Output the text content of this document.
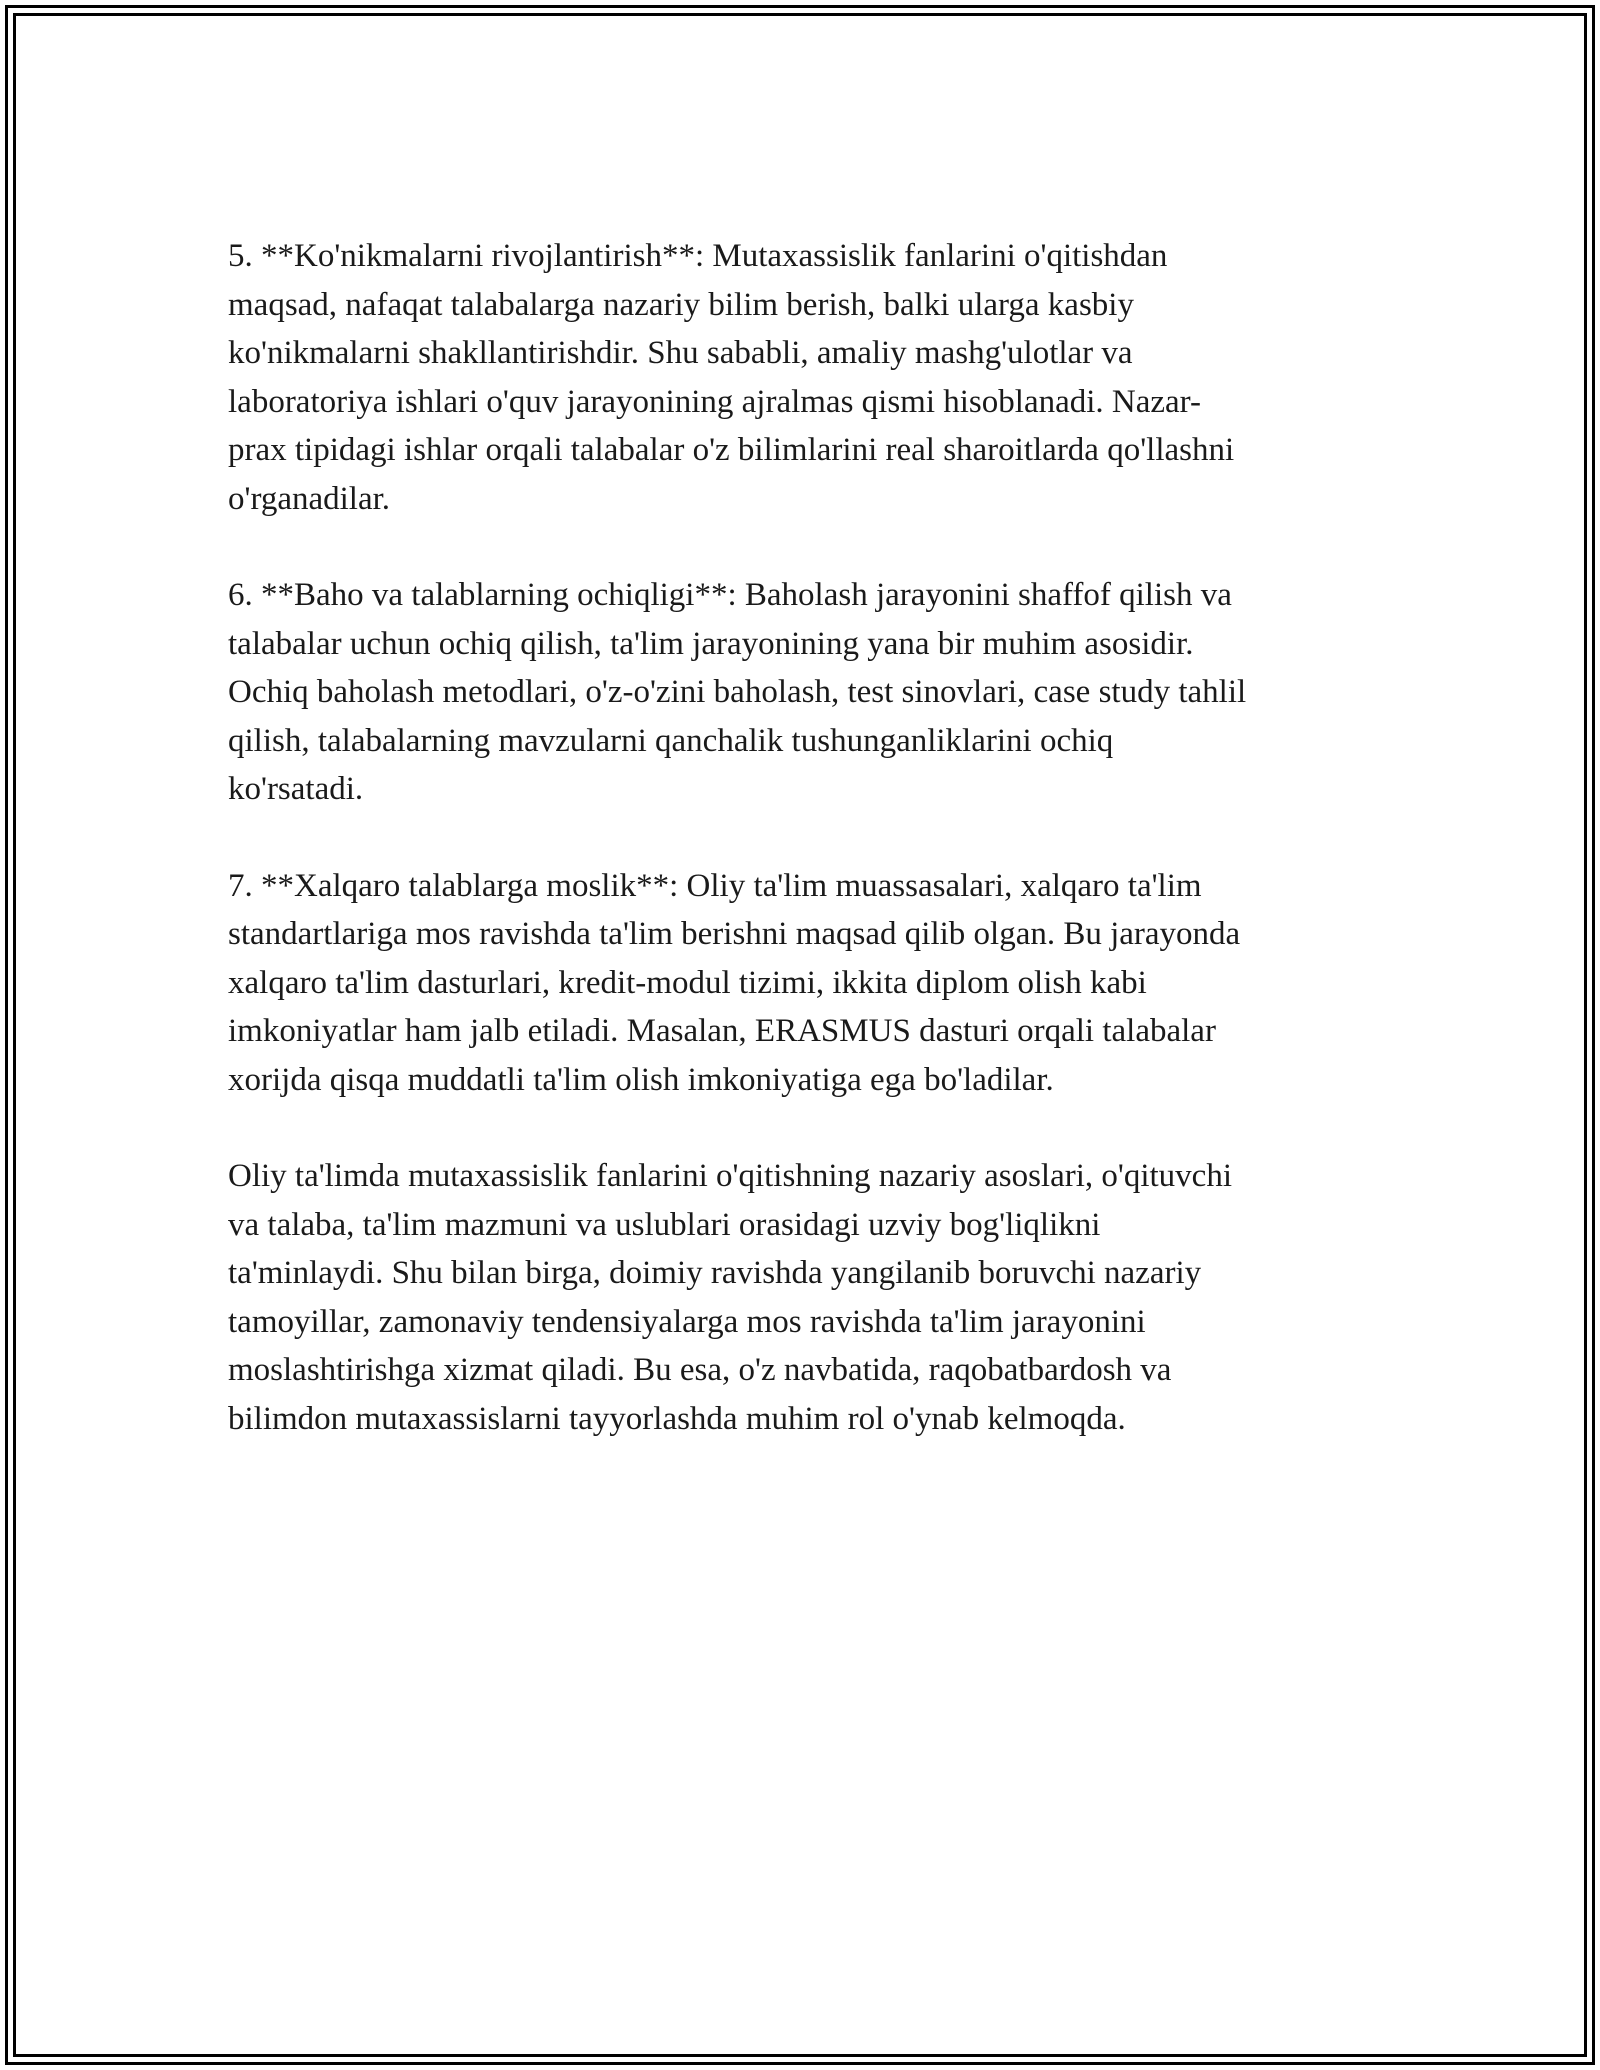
5. **Ko'nikmalarni rivojlantirish**: Mutaxassislik fanlarini o'qitishdan
maqsad, nafaqat talabalarga nazariy bilim berish, balki ularga kasbiy
ko'nikmalarni shakllantirishdir. Shu sababli, amaliy mashg'ulotlar va
laboratoriya ishlari o'quv jarayonining ajralmas qismi hisoblanadi. Nazar-
prax tipidagi ishlar orqali talabalar o'z bilimlarini real sharoitlarda qo'llashni
o'rganadilar.

6. **Baho va talablarning ochiqligi**: Baholash jarayonini shaffof qilish va
talabalar uchun ochiq qilish, ta'lim jarayonining yana bir muhim asosidir.
Ochiq baholash metodlari, o'z-o'zini baholash, test sinovlari, case study tahlil
qilish, talabalarning mavzularni qanchalik tushunganliklarini ochiq
ko'rsatadi.

7. **Xalqaro talablarga moslik**: Oliy ta'lim muassasalari, xalqaro ta'lim
standartlariga mos ravishda ta'lim berishni maqsad qilib olgan. Bu jarayonda
xalqaro ta'lim dasturlari, kredit-modul tizimi, ikkita diplom olish kabi
imkoniyatlar ham jalb etiladi. Masalan, ERASMUS dasturi orqali talabalar
xorijda qisqa muddatli ta'lim olish imkoniyatiga ega bo'ladilar.

Oliy ta'limda mutaxassislik fanlarini o'qitishning nazariy asoslari, o'qituvchi
va talaba, ta'lim mazmuni va uslublari orasidagi uzviy bog'liqlikni
ta'minlaydi. Shu bilan birga, doimiy ravishda yangilanib boruvchi nazariy
tamoyillar, zamonaviy tendensiyalarga mos ravishda ta'lim jarayonini
moslashtirishga xizmat qiladi. Bu esa, o'z navbatida, raqobatbardosh va
bilimdon mutaxassislarni tayyorlashda muhim rol o'ynab kelmoqda.
